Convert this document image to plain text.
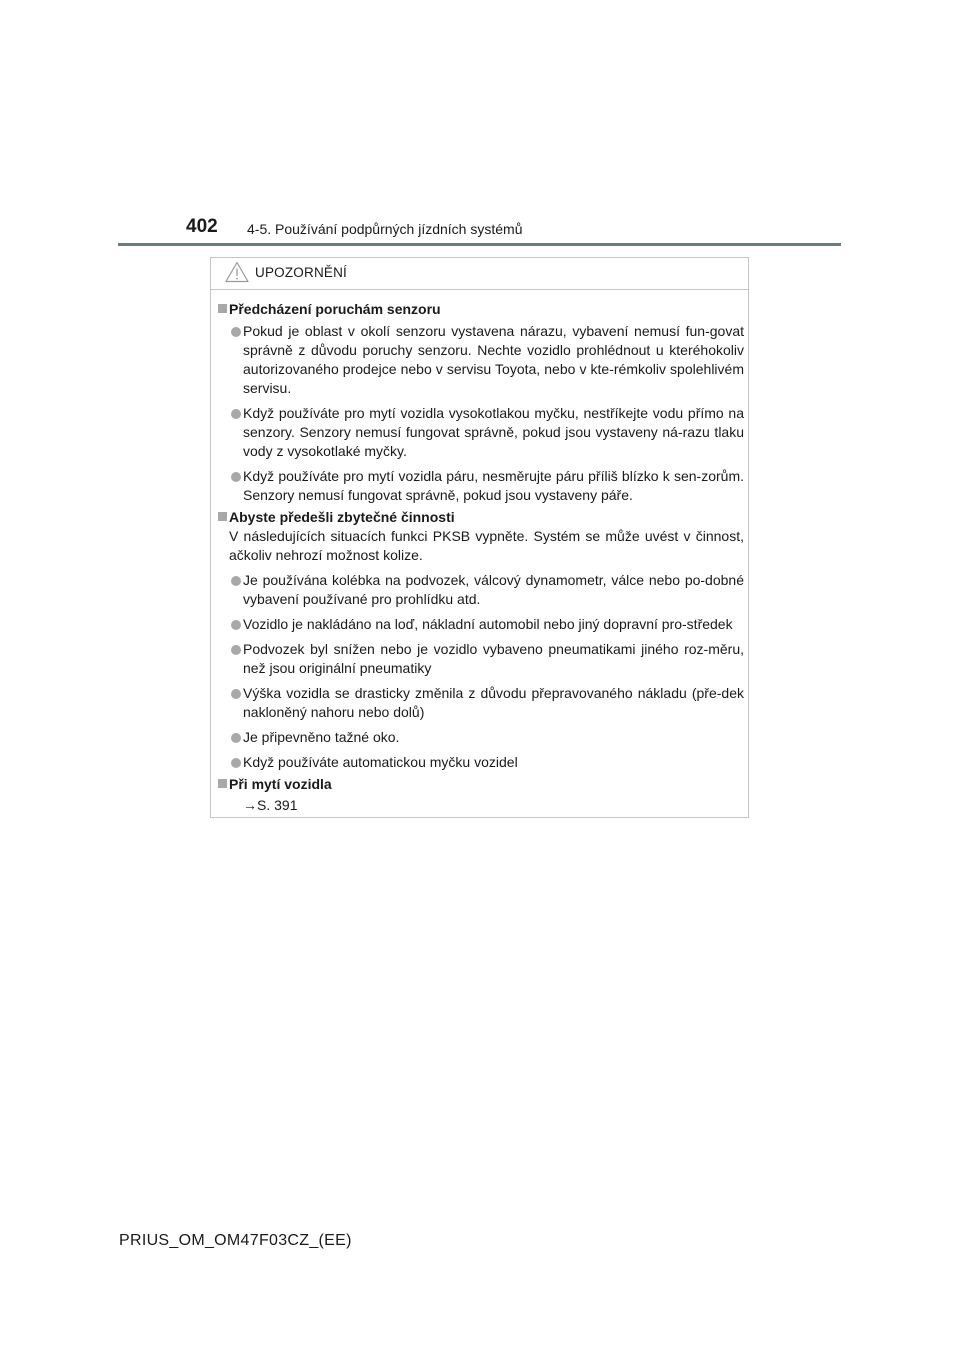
402 4-5. Používání podpůrných jízdních systémů
UPOZORNĚNÍ
Předcházení poruchám senzoru
Pokud je oblast v okolí senzoru vystavena nárazu, vybavení nemusí fun-govat správně z důvodu poruchy senzoru. Nechte vozidlo prohlédnout u kteréhokoliv autorizovaného prodejce nebo v servisu Toyota, nebo v kte-rémkoliv spolehlivém servisu.
Když používáte pro mytí vozidla vysokotlakou myčku, nestříkejte vodu přímo na senzory. Senzory nemusí fungovat správně, pokud jsou vystaveny ná-razu tlaku vody z vysokotlaké myčky.
Když používáte pro mytí vozidla páru, nesměrujte páru příliš blízko k sen-zorům. Senzory nemusí fungovat správně, pokud jsou vystaveny páře.
Abyste předešli zbytečné činnosti
V následujících situacích funkci PKSB vypněte. Systém se může uvést v činnost, ačkoliv nehrozí možnost kolize.
Je používána kolébka na podvozek, válcový dynamometr, válce nebo po-dobné vybavení používané pro prohlídku atd.
Vozidlo je nakládáno na loď, nákladní automobil nebo jiný dopravní pro-středek
Podvozek byl snížen nebo je vozidlo vybaveno pneumatikami jiného roz-měru, než jsou originální pneumatiky
Výška vozidla se drasticky změnila z důvodu přepravovaného nákladu (pře-dek nakloněný nahoru nebo dolů)
Je připevněno tažné oko.
Když používáte automatickou myčku vozidel
Při mytí vozidla
→S. 391
PRIUS_OM_OM47F03CZ_(EE)
